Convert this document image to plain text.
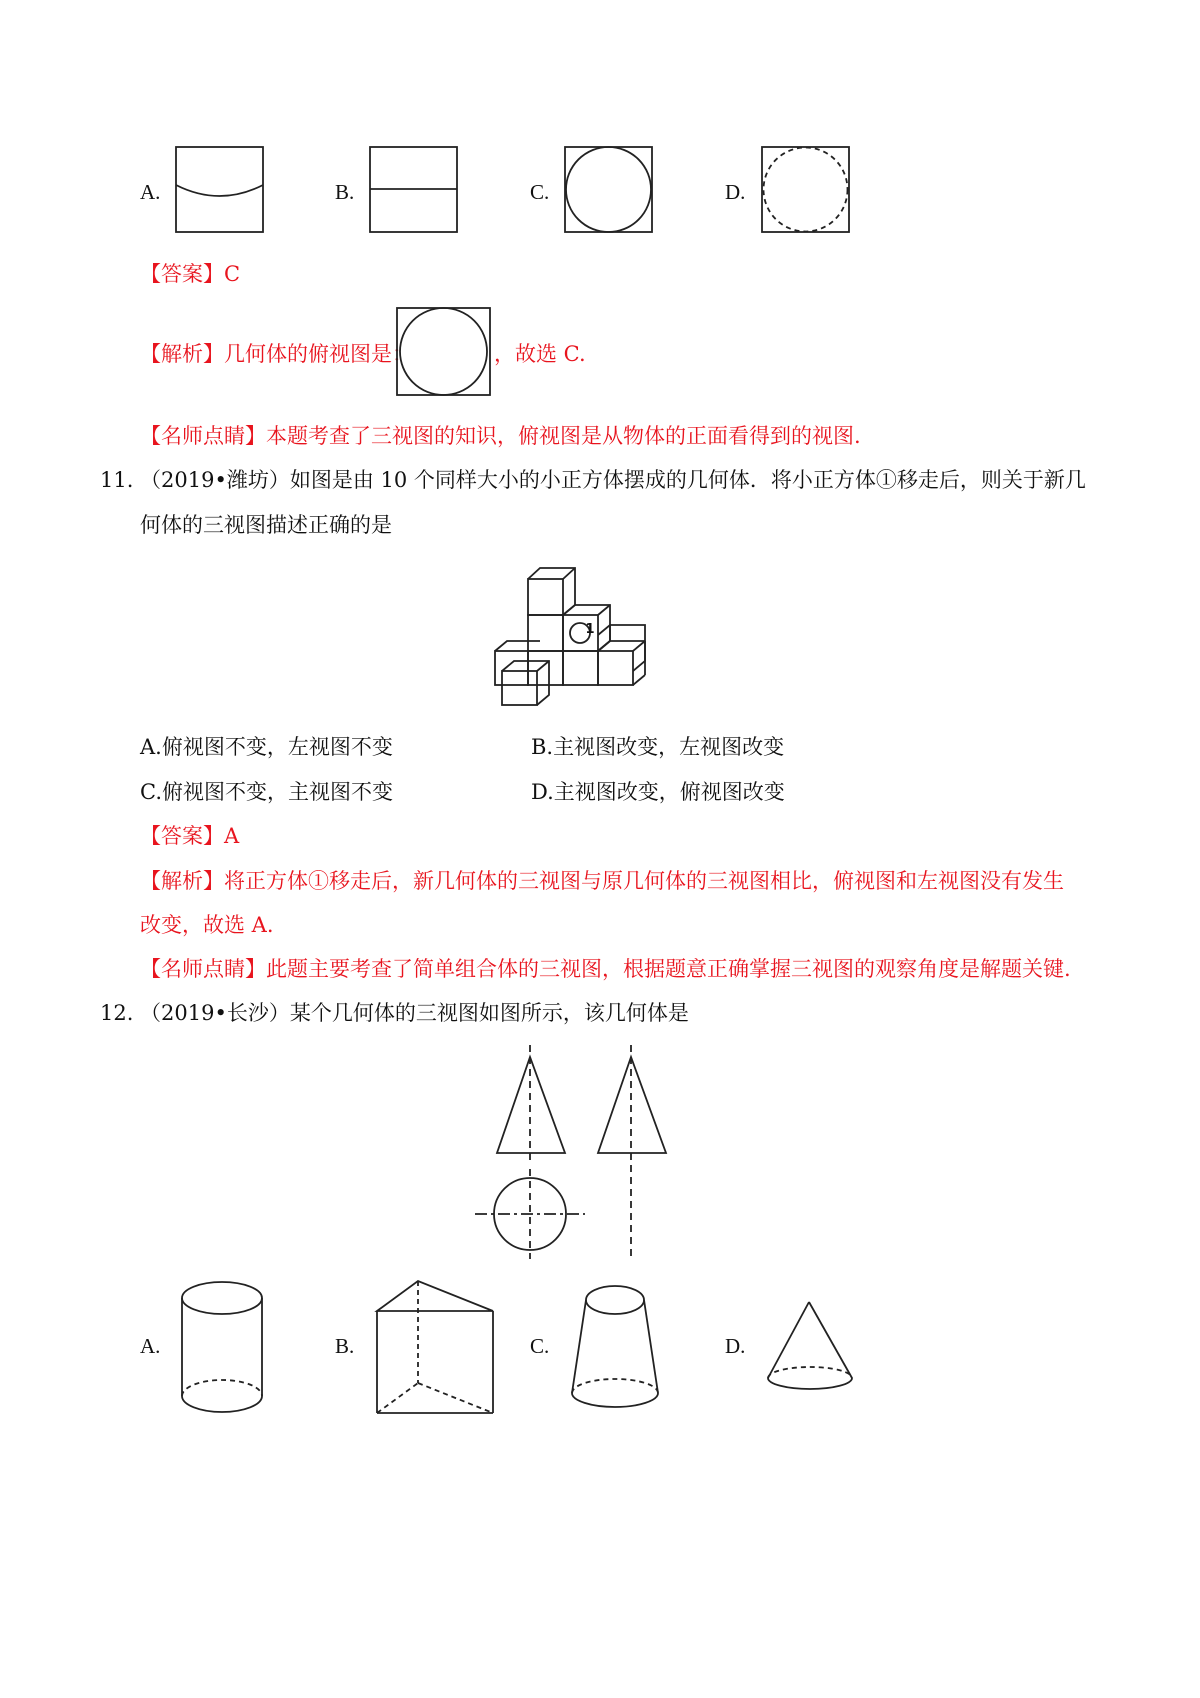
A.	B.	C.	D.
【答案】C
【解析】几何体的俯视图是：	，故选 C.
【名师点睛】本题考查了三视图的知识，俯视图是从物体的正面看得到的视图.
11. （2019•潍坊）如图是由 10 个同样大小的小正方体摆成的几何体．将小正方体①移走后，则关于新几
何体的三视图描述正确的是
1
A.俯视图不变，左视图不变	B.主视图改变，左视图改变
C.俯视图不变，主视图不变	D.主视图改变，俯视图改变
【答案】A
【解析】将正方体①移走后，新几何体的三视图与原几何体的三视图相比，俯视图和左视图没有发生
改变，故选 A.
【名师点睛】此题主要考查了简单组合体的三视图，根据题意正确掌握三视图的观察角度是解题关键.
12. （2019•长沙）某个几何体的三视图如图所示，该几何体是
A.	B.	C.	D.
